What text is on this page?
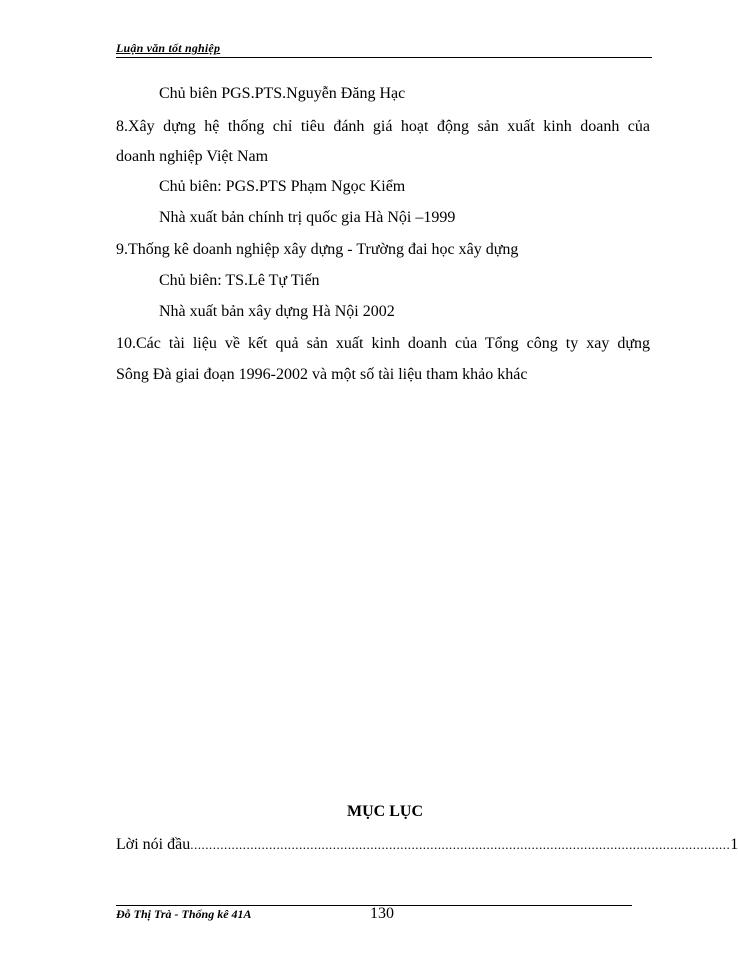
Luận văn tốt nghiệp
Chủ biên PGS.PTS.Nguyễn Đăng Hạc
8.Xây dựng hệ thống chỉ tiêu đánh giá hoạt động sản xuất kinh doanh của
doanh nghiệp Việt Nam
Chủ biên: PGS.PTS Phạm Ngọc Kiểm
Nhà xuất bản chính trị quốc gia Hà Nội –1999
9.Thống kê doanh nghiệp xây dựng - Trường đai học xây dựng
Chủ biên: TS.Lê Tự Tiến
Nhà xuất bản xây dựng Hà Nội 2002
10.Các tài liệu về kết quả sản xuất kinh doanh của Tổng công ty xay dựng
Sông Đà giai đoạn 1996-2002 và một số tài liệu tham khảo khác
MỤC LỤC
Lời nói đầu ................................................................................................................................................ 1
Đỗ Thị Trà - Thống kê 41A	130
